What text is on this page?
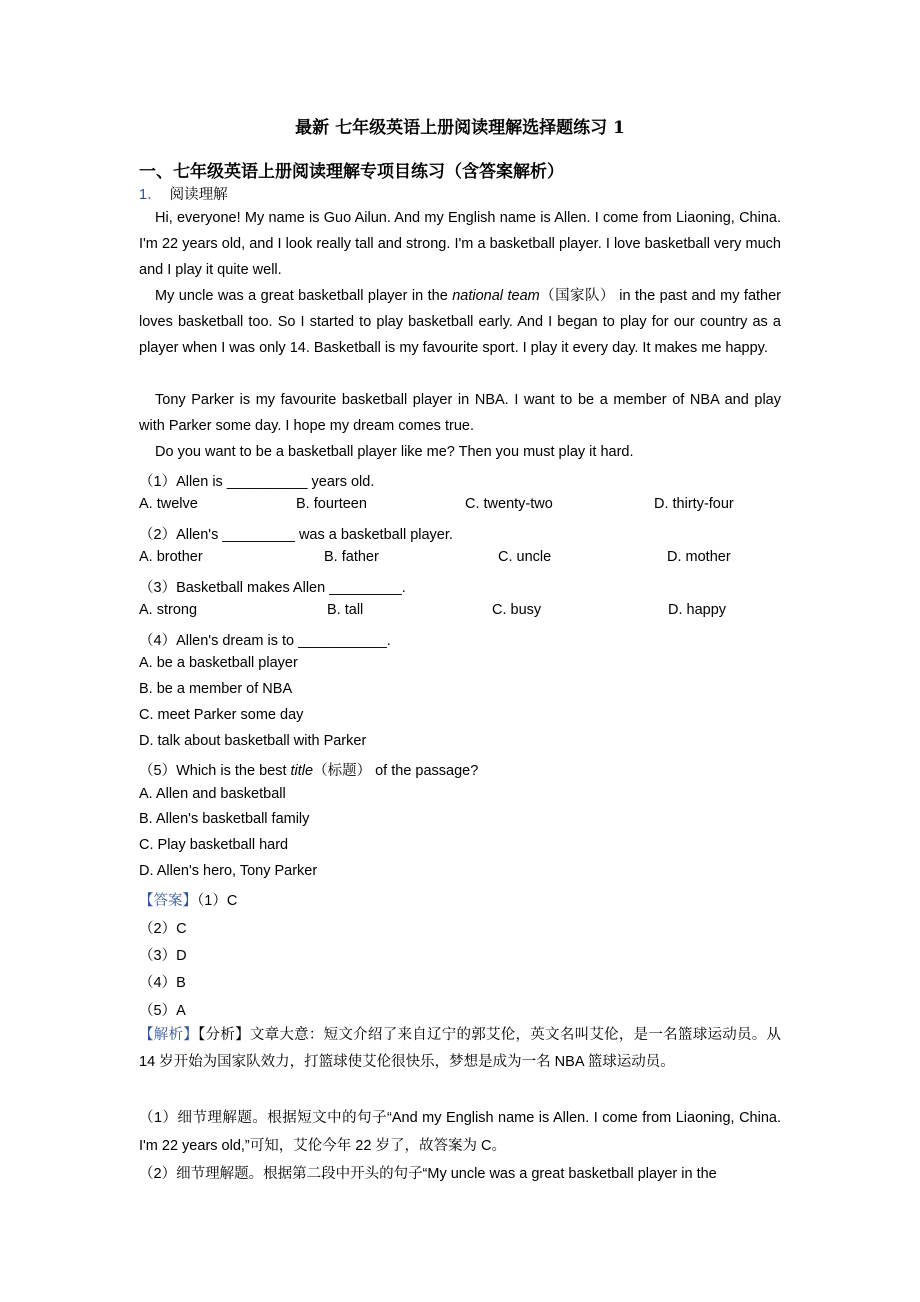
最新 七年级英语上册阅读理解选择题练习 1
一、七年级英语上册阅读理解专项目练习（含答案解析）
1． 阅读理解
Hi, everyone! My name is Guo Ailun. And my English name is Allen. I come from Liaoning, China. I'm 22 years old, and I look really tall and strong. I'm a basketball player. I love basketball very much and I play it quite well.
My uncle was a great basketball player in the national team（国家队） in the past and my father loves basketball too. So I started to play basketball early. And I began to play for our country as a player when I was only 14. Basketball is my favourite sport. I play it every day. It makes me happy.
Tony Parker is my favourite basketball player in NBA. I want to be a member of NBA and play with Parker some day. I hope my dream comes true.
Do you want to be a basketball player like me? Then you must play it hard.
（1）Allen is __________ years old.
A. twelve	B. fourteen	C. twenty-two	D. thirty-four
（2）Allen's _________ was a basketball player.
A. brother	B. father	C. uncle	D. mother
（3）Basketball makes Allen _________.
A. strong	B. tall	C. busy	D. happy
（4）Allen's dream is to ___________.
A. be a basketball player
B. be a member of NBA
C. meet Parker some day
D. talk about basketball with Parker
（5）Which is the best title（标题） of the passage?
A. Allen and basketball
B. Allen's basketball family
C. Play basketball hard
D. Allen's hero, Tony Parker
【答案】（1）C
（2）C
（3）D
（4）B
（5）A
【解析】【分析】文章大意：短文介绍了来自辽宁的郭艾伦，英文名叫艾伦，是一名篮球运动员。从 14 岁开始为国家队效力，打篮球使艾伦很快乐，梦想是成为一名 NBA 篮球运动员。
（1）细节理解题。根据短文中的句子“And my English name is Allen. I come from Liaoning, China. I'm 22 years old,”可知，艾伦今年 22 岁了，故答案为 C。
（2）细节理解题。根据第二段中开头的句子“My uncle was a great basketball player in the
